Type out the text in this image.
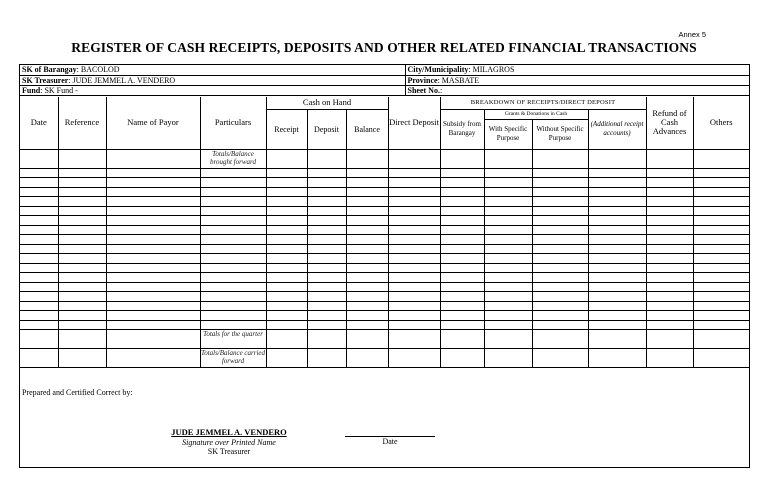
Annex 5
REGISTER OF CASH RECEIPTS, DEPOSITS AND OTHER RELATED FINANCIAL TRANSACTIONS
SK of Barangay: BACOLOD	City/Municipality: MILAGROS
SK Treasurer: JUDE JEMMEL A. VENDERO	Province: MASBATE
Fund: SK Fund -	Sheet No.:
Date	Reference	Name of Payor	Particulars	Cash on Hand			Direct Deposit	BREAKDOWN OF RECEIPTS/DIRECT DEPOSIT				Refund of Cash Advances	Others
				Receipt	Deposit	Balance		Subsidy from Barangay	Grants & Donations in Cash		(Additional receipt accounts)		
									With Specific Purpose	Without Specific Purpose			
			Totals/Balance brought forward										

			Totals for the quarter										
			Totals/Balance carried forward										
Prepared and Certified Correct by:
JUDE JEMMEL A. VENDERO
Signature over Printed Name
SK Treasurer
Date
